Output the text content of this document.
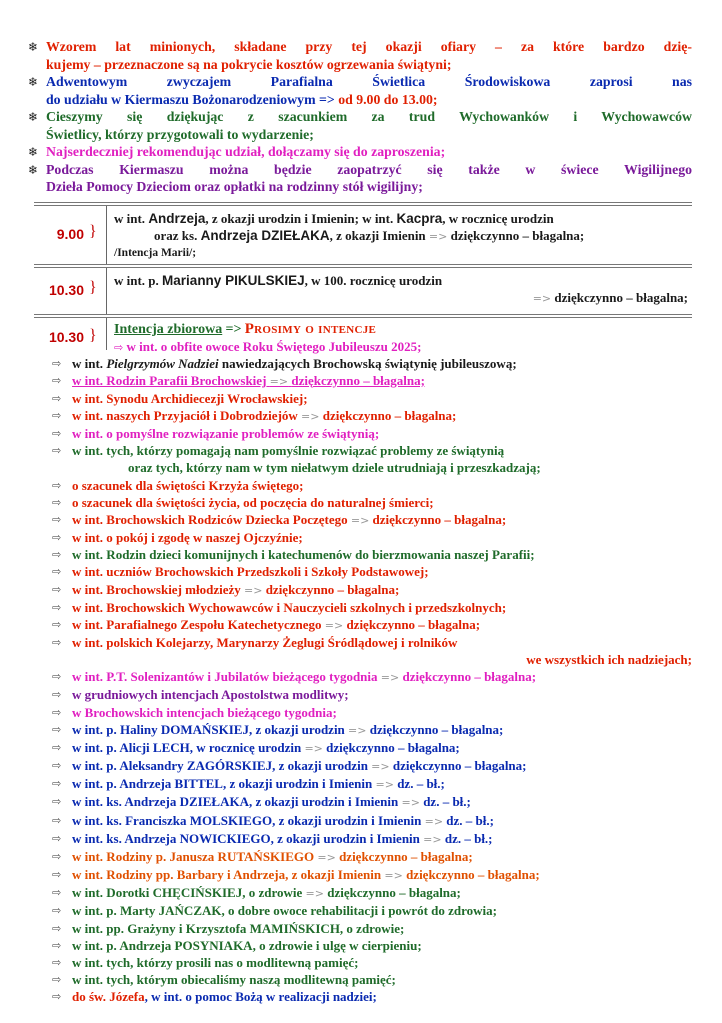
❄ Wzorem lat minionych, składane przy tej okazji ofiary – za które bardzo dzię-
kujemy – przeznaczone są na pokrycie kosztów ogrzewania świątyni;
❄ Adwentowym zwyczajem Parafialna Świetlica Środowiskowa zaprosi nas
do udziału w Kiermaszu Bożonarodzeniowym => od 9.00 do 13.00;
❄ Cieszymy się dziękując z szacunkiem za trud Wychowanków i Wychowawców
Świetlicy, którzy przygotowali to wydarzenie;
❄ Najserdeczniej rekomendując udział, dołączamy się do zaproszenia;
❄ Podczas Kiermaszu można będzie zaopatrzyć się także w świece Wigilijnego
Dzieła Pomocy Dzieciom oraz opłatki na rodzinny stół wigilijny;
9.00 }
w int. Andrzeja, z okazji urodzin i Imienin; w int. Kacpra, w rocznicę urodzin
oraz ks. Andrzeja DZIEŁAKA, z okazji Imienin => dziękczynno – błagalna;
/Intencja Marii/;
10.30 } w int. p. Marianny PIKULSKIEJ, w 100. rocznicę urodzin
=> dziękczynno – błagalna;
10.30 } Intencja zbiorowa => Prosimy o intencje
⇨ w int. o obfite owoce Roku Świętego Jubileuszu 2025;
⇨ w int. Pielgrzymów Nadziei nawiedzających Brochowską świątynię jubileuszową;
⇨ w int. Rodzin Parafii Brochowskiej => dziękczynno – błagalna;
⇨ w int. Synodu Archidiecezji Wrocławskiej;
⇨ w int. naszych Przyjaciół i Dobrodziejów => dziękczynno – błagalna;
⇨ w int. o pomyślne rozwiązanie problemów ze świątynią;
⇨ w int. tych, którzy pomagają nam pomyślnie rozwiązać problemy ze świątynią
oraz tych, którzy nam w tym niełatwym dziele utrudniają i przeszkadzają;
⇨ o szacunek dla świętości Krzyża świętego;
⇨ o szacunek dla świętości życia, od poczęcia do naturalnej śmierci;
⇨ w int. Brochowskich Rodziców Dziecka Poczętego => dziękczynno – błagalna;
⇨ w int. o pokój i zgodę w naszej Ojczyźnie;
⇨ w int. Rodzin dzieci komunijnych i katechumenów do bierzmowania naszej Parafii;
⇨ w int. uczniów Brochowskich Przedszkoli i Szkoły Podstawowej;
⇨ w int. Brochowskiej młodzieży => dziękczynno – błagalna;
⇨ w int. Brochowskich Wychowawców i Nauczycieli szkolnych i przedszkolnych;
⇨ w int. Parafialnego Zespołu Katechetycznego => dziękczynno – błagalna;
⇨ w int. polskich Kolejarzy, Marynarzy Żeglugi Śródlądowej i rolników
we wszystkich ich nadziejach;
⇨ w int. P.T. Solenizantów i Jubilatów bieżącego tygodnia => dziękczynno – błagalna;
⇨ w grudniowych intencjach Apostolstwa modlitwy;
⇨ w Brochowskich intencjach bieżącego tygodnia;
⇨ w int. p. Haliny DOMAŃSKIEJ, z okazji urodzin => dziękczynno – błagalna;
⇨ w int. p. Alicji LECH, w rocznicę urodzin => dziękczynno – błagalna;
⇨ w int. p. Aleksandry ZAGÓRSKIEJ, z okazji urodzin => dziękczynno – błagalna;
⇨ w int. p. Andrzeja BITTEL, z okazji urodzin i Imienin => dz. – bł.;
⇨ w int. ks. Andrzeja DZIEŁAKA, z okazji urodzin i Imienin => dz. – bł.;
⇨ w int. ks. Franciszka MOLSKIEGO, z okazji urodzin i Imienin => dz. – bł.;
⇨ w int. ks. Andrzeja NOWICKIEGO, z okazji urodzin i Imienin => dz. – bł.;
⇨ w int. Rodziny p. Janusza RUTAŃSKIEGO => dziękczynno – błagalna;
⇨ w int. Rodziny pp. Barbary i Andrzeja, z okazji Imienin => dziękczynno – błagalna;
⇨ w int. Dorotki CHĘCIŃSKIEJ, o zdrowie => dziękczynno – błagalna;
⇨ w int. p. Marty JAŃCZAK, o dobre owoce rehabilitacji i powrót do zdrowia;
⇨ w int. pp. Grażyny i Krzysztofa MAMIŃSKICH, o zdrowie;
⇨ w int. p. Andrzeja POSYNIAKA, o zdrowie i ulgę w cierpieniu;
⇨ w int. tych, którzy prosili nas o modlitewną pamięć;
⇨ w int. tych, którym obiecaliśmy naszą modlitewną pamięć;
⇨ do św. Józefa, w int. o pomoc Bożą w realizacji nadziei;
